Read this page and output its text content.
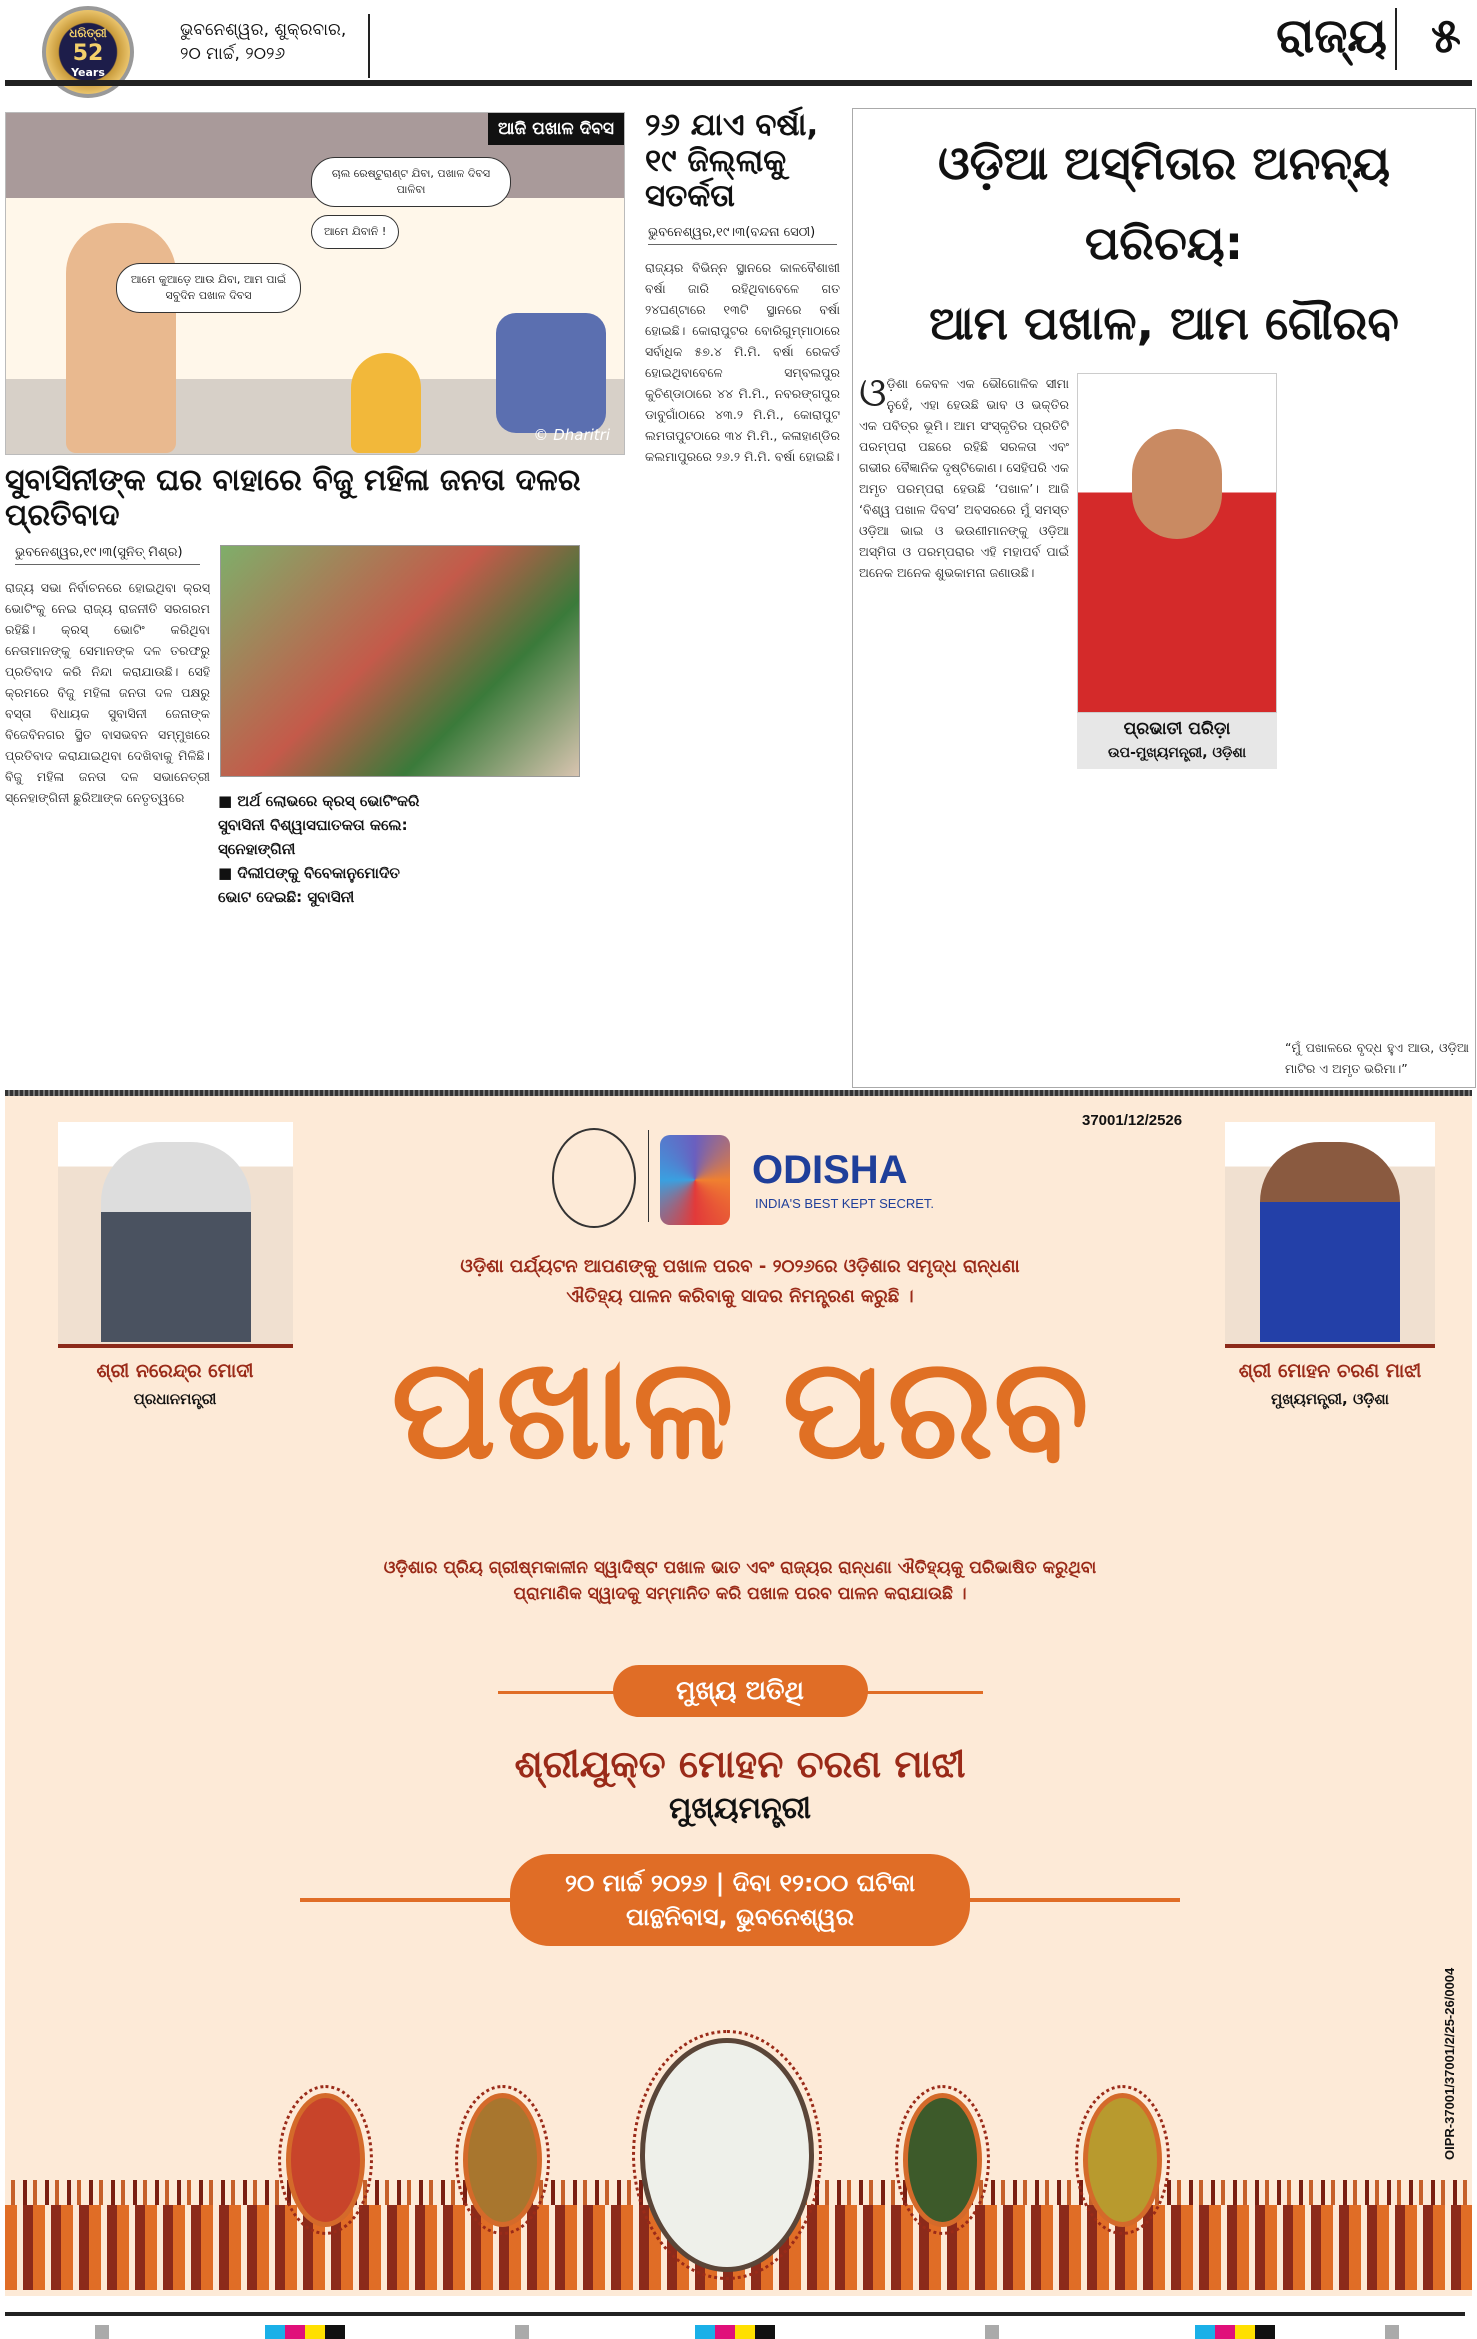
ଧରିତ୍ରୀ
52
Years
ଭୁବନେଶ୍ୱର, ଶୁକ୍ରବାର,
୨୦ ମାର୍ଚ୍ଚ, ୨୦୨୬	ରାଜ୍ୟ ୫
ଆଜି ପଖାଳ ଦିବସ
ଚାଲ ରେଷ୍ଟୁରାଣ୍ଟ ଯିବା, ପଖାଳ ଦିବସ ପାଳିବା
ଆମେ ଯିବାନି !
ଆମେ କୁଆଡ଼େ ଆଉ ଯିବା, ଆମ ପାଇଁ ସବୁଦିନ ପଖାଳ ଦିବସ
© Dharitri
ସୁବାସିନୀଙ୍କ ଘର ବାହାରେ ବିଜୁ ମହିଳା ଜନତା ଦଳର ପ୍ରତିବାଦ
ଭୁବନେଶ୍ୱର,୧୯।୩(ସୁନିତ୍ ମିଶ୍ର)
ରାଜ୍ୟ ସଭା ନିର୍ବାଚନରେ ହୋଇଥିବା କ୍ରସ୍ ଭୋଟିଂକୁ ନେଇ ରାଜ୍ୟ ରାଜନୀତି ସରଗରମ ରହିଛି। କ୍ରସ୍ ଭୋଟିଂ କରିଥିବା ନେତାମାନଙ୍କୁ ସେମାନଙ୍କ ଦଳ ତରଫରୁ ପ୍ରତିବାଦ କରି ନିନ୍ଦା କରାଯାଉଛି। ସେହି କ୍ରମରେ ବିଜୁ ମହିଳା ଜନତା ଦଳ ପକ୍ଷରୁ ବସ୍ତା ବିଧାୟକ ସୁବାସିନୀ ଜେନାଙ୍କ ବିଜେବିନଗର ସ୍ଥିତ ବାସଭବନ ସମ୍ମୁଖରେ ପ୍ରତିବାଦ କରାଯାଇଥିବା ଦେଖିବାକୁ ମିଳିଛି। ବିଜୁ ମହିଳା ଜନତା ଦଳ ସଭାନେତ୍ରୀ ସ୍ନେହାଙ୍ଗିନୀ ଛୁରିଆଙ୍କ ନେତୃତ୍ୱରେ	■ ଅର୍ଥ ଲୋଭରେ କ୍ରସ୍ ଭୋଟିଂକରି ସୁବାସିନୀ ବିଶ୍ୱାସଘାତକତା କଲେ: ସ୍ନେହାଙ୍ଗିନୀ
■ ଦିଲୀପଙ୍କୁ ବିବେକାନୁମୋଦିତ ଭୋଟ ଦେଇଛି: ସୁବାସିନୀ
୨୬ ଯାଏ ବର୍ଷା,
୧୯ ଜିଲ୍ଲାକୁ ସତର୍କତା
ଭୁବନେଶ୍ୱର,୧୯।୩(ବନ୍ଦନା ସେଠୀ)
ରାଜ୍ୟର ବିଭିନ୍ନ ସ୍ଥାନରେ କାଳବୈଶାଖୀ ବର୍ଷା ଜାରି ରହିଥିବାବେଳେ ଗତ ୨୪ଘଣ୍ଟାରେ ୧୩ଟି ସ୍ଥାନରେ ବର୍ଷା ହୋଇଛି। କୋରାପୁଟର ବୋରିଗୁମ୍ମାଠାରେ ସର୍ବାଧିକ ୫୭.୪ ମି.ମି. ବର୍ଷା ରେକର୍ଡ ହୋଇଥିବାବେଳେ ସମ୍ବଲପୁର କୁଚିଣ୍ଡାଠାରେ ୪୪ ମି.ମି., ନବରଙ୍ଗପୁର ଡାବୁଗାଁଠାରେ ୪୩.୨ ମି.ମି., କୋରାପୁଟ ଲମତାପୁଟଠାରେ ୩୪ ମି.ମି., କଳାହାଣ୍ଡିର କଲମାପୁରରେ ୨୬.୨ ମି.ମି. ବର୍ଷା ହୋଇଛି।
ଓଡ଼ିଆ ଅସ୍ମିତାର ଅନନ୍ୟ ପରିଚୟ:
ଆମ ପଖାଳ, ଆମ ଗୌରବ
ଓଡ଼ିଶା କେବଳ ଏକ ଭୌଗୋଳିକ ସୀମା ନୁହେଁ, ଏହା ହେଉଛି ଭାବ ଓ ଭକ୍ତିର ଏକ ପବିତ୍ର ଭୂମି। ଆମ ସଂସ୍କୃତିର ପ୍ରତିଟି ପରମ୍ପରା ପଛରେ ରହିଛି ସରଳତା ଏବଂ ଗଭୀର ବୈଜ୍ଞାନିକ ଦୃଷ୍ଟିକୋଣ। ସେହିପରି ଏକ ଅମୃତ ପରମ୍ପରା ହେଉଛି ‘ପଖାଳ’। ଆଜି ‘ବିଶ୍ୱ ପଖାଳ ଦିବସ’ ଅବସରରେ ମୁଁ ସମସ୍ତ ଓଡ଼ିଆ ଭାଇ ଓ ଭଉଣୀମାନଙ୍କୁ ଓଡ଼ିଆ ଅସ୍ମିତା ଓ ପରମ୍ପରାର ଏହି ମହାପର୍ବ ପାଇଁ ଅନେକ ଅନେକ ଶୁଭକାମନା ଜଣାଉଛି।
ପ୍ରଭାତୀ ପରିଡ଼ା
ଉପ-ମୁଖ୍ୟମନ୍ତ୍ରୀ, ଓଡ଼ିଶା
“ମୁଁ ପଖାଳରେ ବୃଦ୍ଧ ହୁଏ ଆଉ, ଓଡ଼ିଆ ମାଟିର ଏ ଅମୃତ ଭରିମା।”
37001/12/2526
ଶ୍ରୀ ନରେନ୍ଦ୍ର ମୋଦୀ
ପ୍ରଧାନମନ୍ତ୍ରୀ
ଶ୍ରୀ ମୋହନ ଚରଣ ମାଝୀ
ମୁଖ୍ୟମନ୍ତ୍ରୀ, ଓଡ଼ିଶା
ODISHA
INDIA'S BEST KEPT SECRET.
ଓଡ଼ିଶା ପର୍ଯ୍ୟଟନ ଆପଣଙ୍କୁ ପଖାଳ ପରବ - ୨୦୨୬ରେ ଓଡ଼ିଶାର ସମୃଦ୍ଧ ରାନ୍ଧଣା
ଐତିହ୍ୟ ପାଳନ କରିବାକୁ ସାଦର ନିମନ୍ତ୍ରଣ କରୁଛି ।
ପଖାଳ ପରବ
ଓଡ଼ିଶାର ପ୍ରିୟ ଗ୍ରୀଷ୍ମକାଳୀନ ସ୍ୱାଦିଷ୍ଟ ପଖାଳ ଭାତ ଏବଂ ରାଜ୍ୟର ରାନ୍ଧଣା ଐତିହ୍ୟକୁ ପରିଭାଷିତ କରୁଥିବା
ପ୍ରାମାଣିକ ସ୍ୱାଦକୁ ସମ୍ମାନିତ କରି ପଖାଳ ପରବ ପାଳନ କରାଯାଉଛି ।
ମୁଖ୍ୟ ଅତିଥି
ଶ୍ରୀଯୁକ୍ତ ମୋହନ ଚରଣ ମାଝୀ
ମୁଖ୍ୟମନ୍ତ୍ରୀ
୨୦ ମାର୍ଚ୍ଚ ୨୦୨୬ | ଦିବା ୧୨:୦୦ ଘଟିକା
ପାନ୍ଥନିବାସ, ଭୁବନେଶ୍ୱର
OIPR-37001/37001/2/25-26/0004
